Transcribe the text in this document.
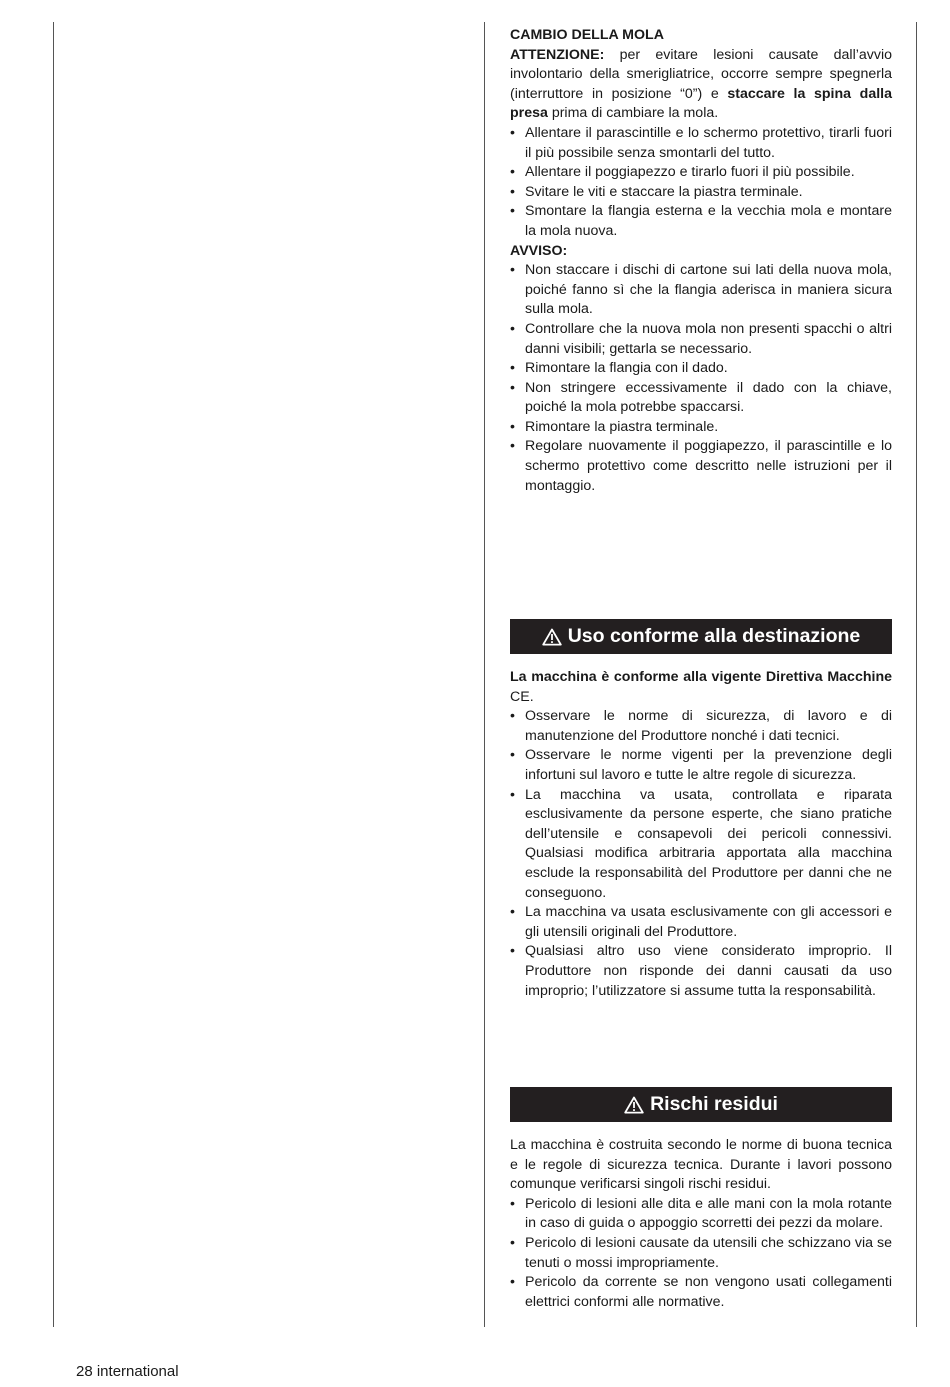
CAMBIO DELLA MOLA

ATTENZIONE: per evitare lesioni causate dall’avvio involontario della smerigliatrice, occorre sempre spegnerla (interruttore in posizione “0”) e staccare la spina dalla presa prima di cambiare la mola.

• Allentare il parascintille e lo schermo protettivo, tirarli fuori il più possibile senza smontarli del tutto.
• Allentare il poggiapezzo e tirarlo fuori il più possibile.
• Svitare le viti e staccare la piastra terminale.
• Smontare la flangia esterna e la vecchia mola e montare la mola nuova.

AVVISO:

• Non staccare i dischi di cartone sui lati della nuova mola, poiché fanno sì che la flangia aderisca in maniera sicura sulla mola.
• Controllare che la nuova mola non presenti spacchi o altri danni visibili; gettarla se necessario.
• Rimontare la flangia con il dado.
• Non stringere eccessivamente il dado con la chiave, poiché la mola potrebbe spaccarsi.
• Rimontare la piastra terminale.
• Regolare nuovamente il poggiapezzo, il parascintille e lo schermo protettivo come descritto nelle istruzioni per il montaggio.
Uso conforme alla destinazione

La macchina è conforme alla vigente Direttiva Macchine CE.

• Osservare le norme di sicurezza, di lavoro e di manutenzione del Produttore nonché i dati tecnici.
• Osservare le norme vigenti per la prevenzione degli infortuni sul lavoro e tutte le altre regole di sicurezza.
• La macchina va usata, controllata e riparata esclusivamente da persone esperte, che siano pratiche dell’utensile e consapevoli dei pericoli connessivi. Qualsiasi modifica arbitraria apportata alla macchina esclude la responsabilità del Produttore per danni che ne conseguono.
• La macchina va usata esclusivamente con gli accessori e gli utensili originali del Produttore.
• Qualsiasi altro uso viene considerato improprio. Il Produttore non risponde dei danni causati da uso improprio; l’utilizzatore si assume tutta la responsabilità.
Rischi residui

La macchina è costruita secondo le norme di buona tecnica e le regole di sicurezza tecnica. Durante i lavori possono comunque verificarsi singoli rischi residui.

• Pericolo di lesioni alle dita e alle mani con la mola rotante in caso di guida o appoggio scorretti dei pezzi da molare.
• Pericolo di lesioni causate da utensili che schizzano via se tenuti o mossi impropriamente.
• Pericolo da corrente se non vengono usati collegamenti elettrici conformi alle normative.
28 international
